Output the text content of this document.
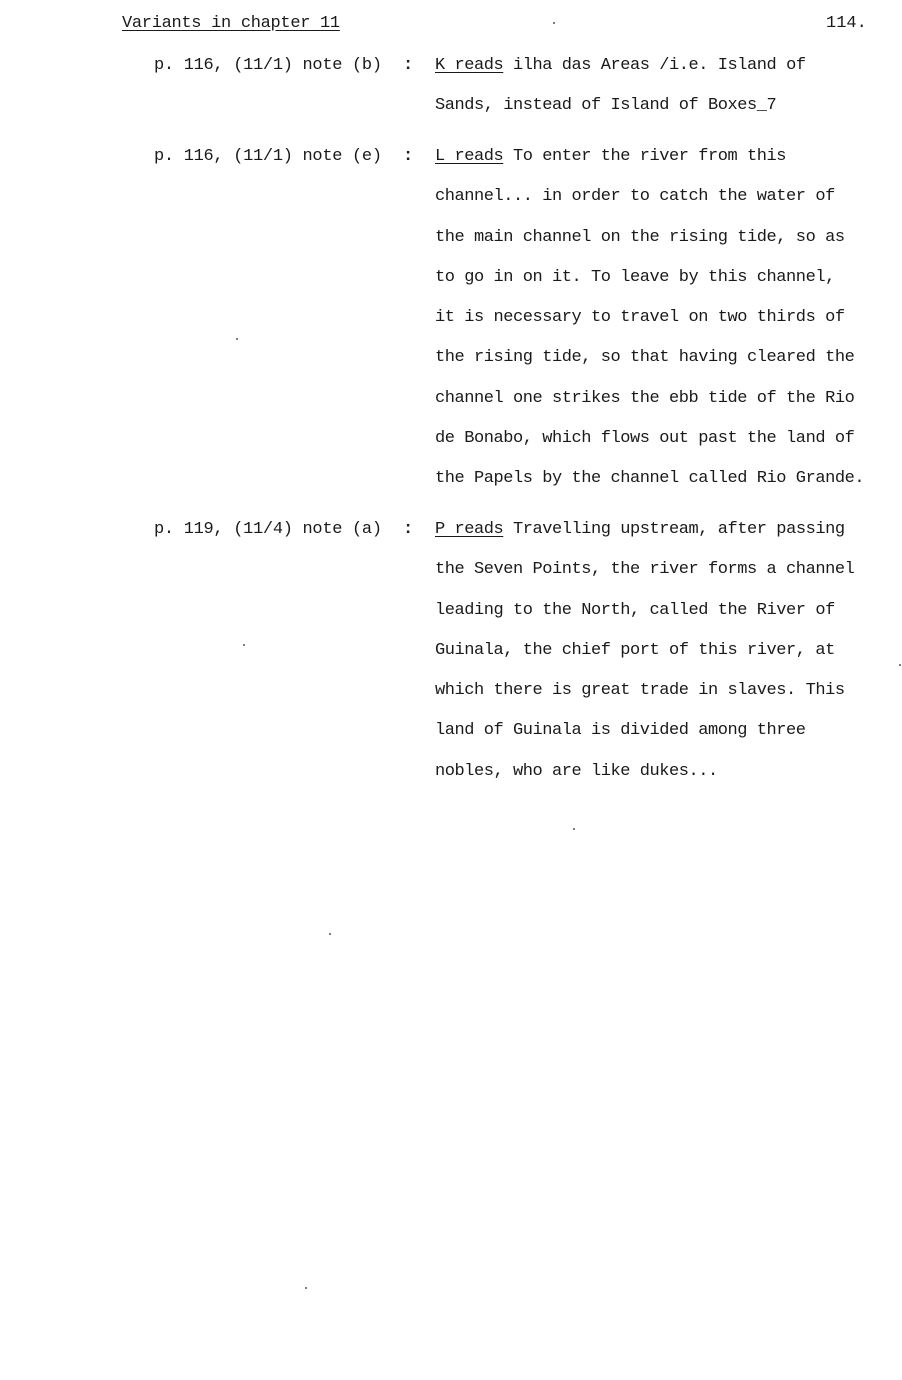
Variants in chapter 11	114.
p. 116, (11/1) note (b) : K reads ilha das Areas /i.e. Island of
Sands, instead of Island of Boxes_7
p. 116, (11/1) note (e) : L reads To enter the river from this
channel... in order to catch the water of
the main channel on the rising tide, so as
to go in on it. To leave by this channel,
it is necessary to travel on two thirds of
the rising tide, so that having cleared the
channel one strikes the ebb tide of the Rio
de Bonabo, which flows out past the land of
the Papels by the channel called Rio Grande.
p. 119, (11/4) note (a) : P reads Travelling upstream, after passing
the Seven Points, the river forms a channel
leading to the North, called the River of
Guinala, the chief port of this river, at
which there is great trade in slaves. This
land of Guinala is divided among three
nobles, who are like dukes...
